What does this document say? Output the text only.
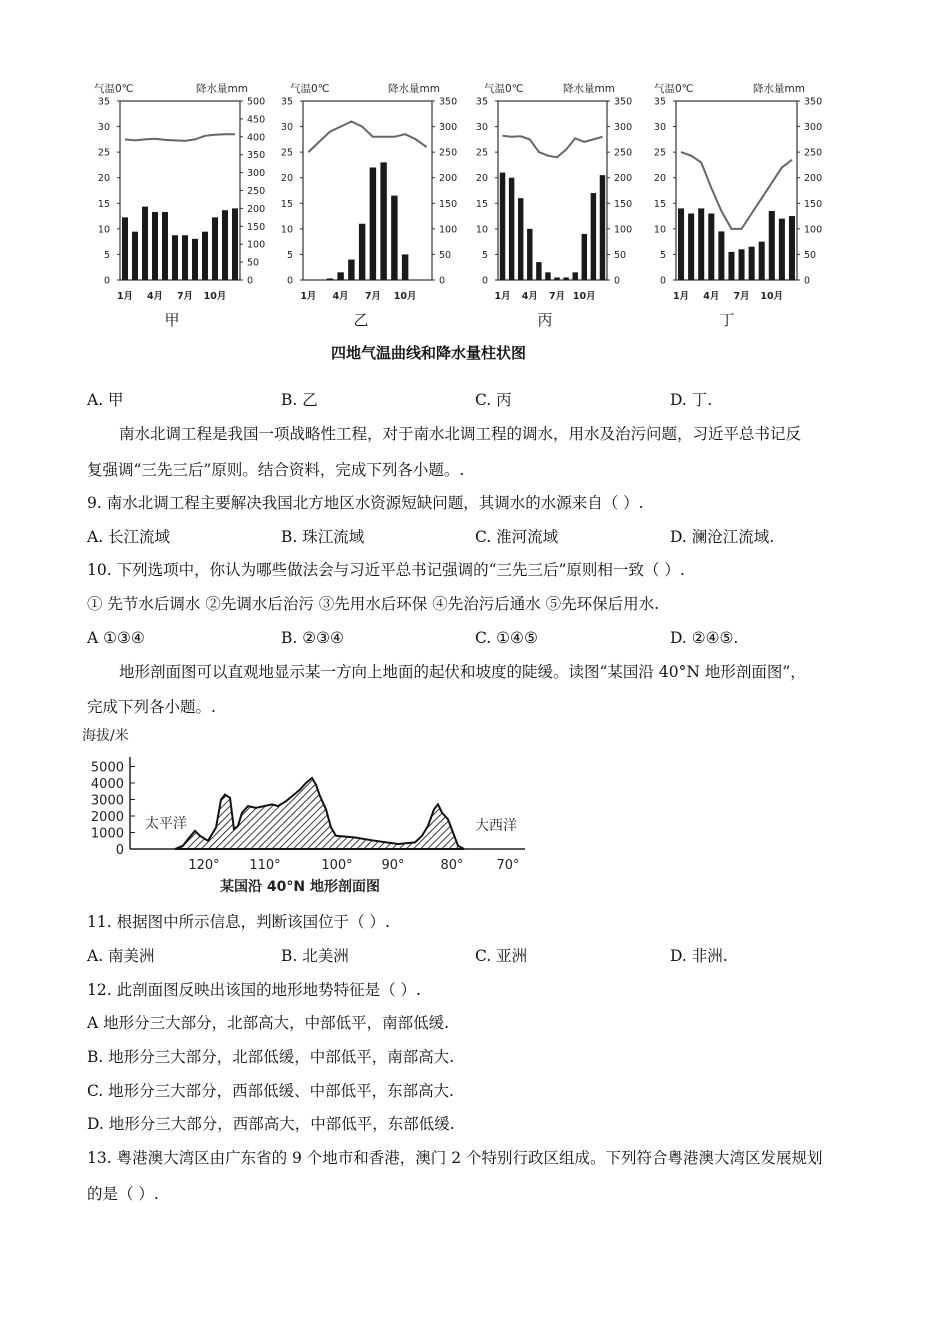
气温0℃	降水量mm
35
30
25
20
15
10
5
0
500
450
400
350
300
250
200
150
100
50
0
1月 4月 7月 10月
甲
气温0℃	降水量mm
35
30
25
20
15
10
5
0
350
300
250
200
150
100
50
0
1月 4月 7月 10月
乙
气温0℃	降水量mm
35
30
25
20
15
10
5
0
350
300
250
200
150
100
50
0
1月 4月 7月 10月
丙
气温0℃	降水量mm
35
30
25
20
15
10
5
0
350
300
250
200
150
100
50
0
1月 4月 7月 10月
丁
四地气温曲线和降水量柱状图
A. 甲	B. 乙	C. 丙	D. 丁.
南水北调工程是我国一项战略性工程，对于南水北调工程的调水，用水及治污问题，习近平总书记反
复强调“三先三后”原则。结合资料，完成下列各小题。.
9. 南水北调工程主要解决我国北方地区水资源短缺问题，其调水的水源来自（ ）.
A. 长江流域	B. 珠江流域	C. 淮河流域	D. 澜沧江流域.
10. 下列选项中，你认为哪些做法会与习近平总书记强调的“三先三后”原则相一致（ ）.
① 先节水后调水 ②先调水后治污 ③先用水后环保 ④先治污后通水 ⑤先环保后用水.
A ①③④	B. ②③④	C. ①④⑤	D. ②④⑤.
地形剖面图可以直观地显示某一方向上地面的起伏和坡度的陡缓。读图“某国沿 40°N 地形剖面图”，
完成下列各小题。.
海拔/米
5000
4000
3000
2000
1000
0
120° 110°	100° 90°	80°	70°
太平洋	大西洋
某国沿 40°N 地形剖面图
11. 根据图中所示信息，判断该国位于（ ）.
A. 南美洲	B. 北美洲	C. 亚洲	D. 非洲.
12. 此剖面图反映出该国的地形地势特征是（ ）.
A 地形分三大部分，北部高大，中部低平，南部低缓.
B. 地形分三大部分，北部低缓，中部低平，南部高大.
C. 地形分三大部分，西部低缓、中部低平，东部高大.
D. 地形分三大部分，西部高大，中部低平，东部低缓.
13. 粤港澳大湾区由广东省的 9 个地市和香港，澳门 2 个特别行政区组成。下列符合粤港澳大湾区发展规划
的是（ ）.
